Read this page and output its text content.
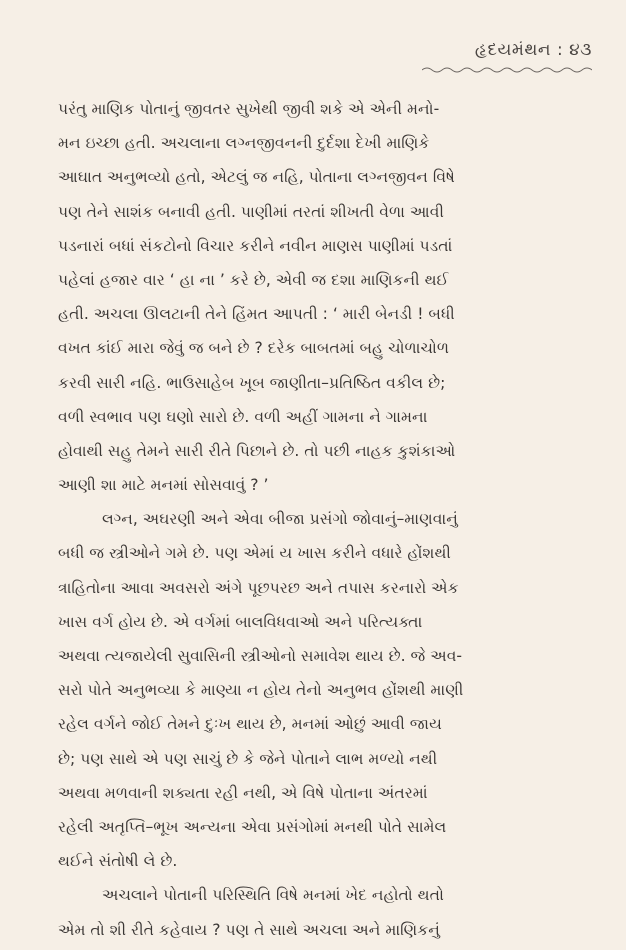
હૃદયમંથન : ૪૩
પરંતુ માણિક પોતાનું જીવતર સુખેથી જીવી શકે એ એની મનો-
મન ઇચ્છા હતી. અચલાના લગ્નજીવનની દુર્દશા દેખી માણિકે
આઘાત અનુભવ્યો હતો, એટલું જ નહિ, પોતાના લગ્નજીવન વિષે
પણ તેને સાશંક બનાવી હતી. પાણીમાં તરતાં શીખતી વેળા આવી
પડનારાં બધાં સંકટોનો વિચાર કરીને નવીન માણસ પાણીમાં પડતાં
પહેલાં હજાર વાર ‘ હા ના ’ કરે છે, એવી જ દશા માણિકની થઈ
હતી. અચલા ઊલટાની તેને હિંમત આપતી : ‘ મારી બેનડી ! બધી
વખત કાંઈ મારા જેવું જ બને છે ? દરેક બાબતમાં બહુ ચોળાચોળ
કરવી સારી નહિ. ભાઉસાહેબ ખૂબ જાણીતા–પ્રતિષ્ઠિત વકીલ છે;
વળી સ્વભાવ પણ ઘણો સારો છે. વળી અહીં ગામના ને ગામના
હોવાથી સહુ તેમને સારી રીતે પિછાને છે. તો પછી નાહક કુશંકાઓ
આણી શા માટે મનમાં સોસવાવું ? ’
લગ્ન, અઘરણી અને એવા બીજા પ્રસંગો જોવાનું–માણવાનું
બધી જ સ્ત્રીઓને ગમે છે. પણ એમાં ય ખાસ કરીને વધારે હોંશથી
ત્રાહિતોના આવા અવસરો અંગે પૂછપરછ અને તપાસ કરનારો એક
ખાસ વર્ગ હોય છે. એ વર્ગમાં બાલવિધવાઓ અને પરિત્યક્તા
અથવા ત્યજાયેલી સુવાસિની સ્ત્રીઓનો સમાવેશ થાય છે. જે અવ-
સરો પોતે અનુભવ્યા કે માણ્યા ન હોય તેનો અનુભવ હોંશથી માણી
રહેલ વર્ગને જોઈ તેમને દુઃખ થાય છે, મનમાં ઓછું આવી જાય
છે; પણ સાથે એ પણ સાચું છે કે જેને પોતાને લાભ મળ્યો નથી
અથવા મળવાની શક્યતા રહી નથી, એ વિષે પોતાના અંતરમાં
રહેલી અતૃપ્તિ–ભૂખ અન્યના એવા પ્રસંગોમાં મનથી પોતે સામેલ
થઈને સંતોષી લે છે.
અચલાને પોતાની પરિસ્થિતિ વિષે મનમાં ખેદ નહોતો થતો
એમ તો શી રીતે કહેવાય ? પણ તે સાથે અચલા અને માણિકનું
